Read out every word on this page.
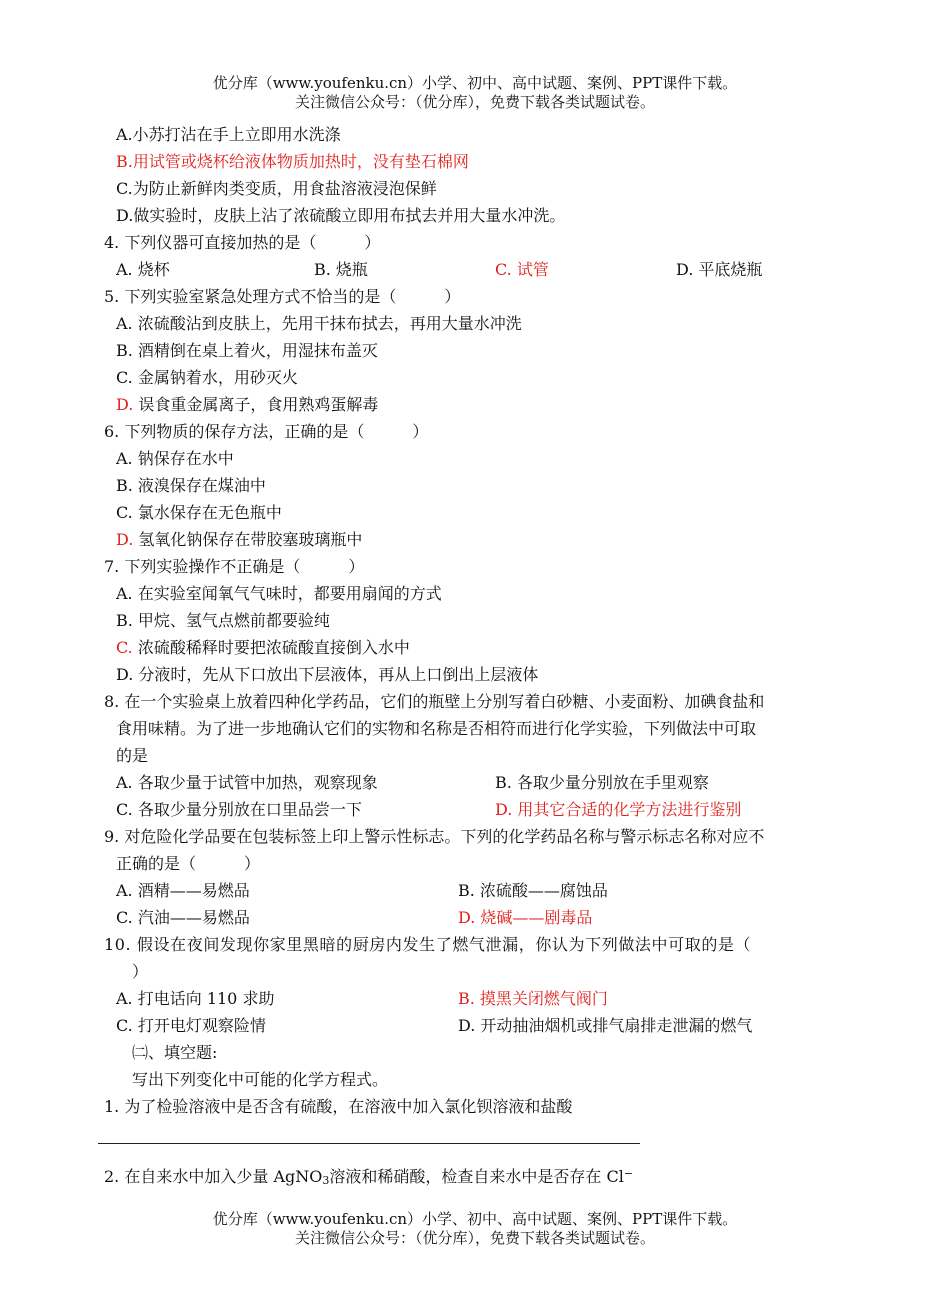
优分库（www.youfenku.cn）小学、初中、高中试题、案例、PPT课件下载。
关注微信公众号：（优分库），免费下载各类试题试卷。
A.小苏打沾在手上立即用水洗涤
B.用试管或烧杯给液体物质加热时，没有垫石棉网
C.为防止新鲜肉类变质，用食盐溶液浸泡保鲜
D.做实验时，皮肤上沾了浓硫酸立即用布拭去并用大量水冲洗。
4. 下列仪器可直接加热的是（　　　）
A. 烧杯	B. 烧瓶	C. 试管	D. 平底烧瓶
5. 下列实验室紧急处理方式不恰当的是（　　　）
A. 浓硫酸沾到皮肤上，先用干抹布拭去，再用大量水冲洗
B. 酒精倒在桌上着火，用湿抹布盖灭
C. 金属钠着水，用砂灭火
D. 误食重金属离子，食用熟鸡蛋解毒
6. 下列物质的保存方法，正确的是（　　　）
A. 钠保存在水中
B. 液溴保存在煤油中
C. 氯水保存在无色瓶中
D. 氢氧化钠保存在带胶塞玻璃瓶中
7. 下列实验操作不正确是（　　　）
A. 在实验室闻氧气气味时，都要用扇闻的方式
B. 甲烷、氢气点燃前都要验纯
C. 浓硫酸稀释时要把浓硫酸直接倒入水中
D. 分液时，先从下口放出下层液体，再从上口倒出上层液体
8. 在一个实验桌上放着四种化学药品，它们的瓶壁上分别写着白砂糖、小麦面粉、加碘食盐和
食用味精。为了进一步地确认它们的实物和名称是否相符而进行化学实验，下列做法中可取
的是
A. 各取少量于试管中加热，观察现象	B. 各取少量分别放在手里观察
C. 各取少量分别放在口里品尝一下	D. 用其它合适的化学方法进行鉴别
9. 对危险化学品要在包装标签上印上警示性标志。下列的化学药品名称与警示标志名称对应不
正确的是（　　　）
A. 酒精——易燃品	B. 浓硫酸——腐蚀品
C. 汽油——易燃品	D. 烧碱——剧毒品
10. 假设在夜间发现你家里黑暗的厨房内发生了燃气泄漏，你认为下列做法中可取的是（
）
A. 打电话向 110 求助	B. 摸黑关闭燃气阀门
C. 打开电灯观察险情	D. 开动抽油烟机或排气扇排走泄漏的燃气
㈡、填空题:
写出下列变化中可能的化学方程式。
1. 为了检验溶液中是否含有硫酸，在溶液中加入氯化钡溶液和盐酸
2. 在自来水中加入少量 AgNO$_3$溶液和稀硝酸，检查自来水中是否存在 Cl−
优分库（www.youfenku.cn）小学、初中、高中试题、案例、PPT课件下载。
关注微信公众号：（优分库），免费下载各类试题试卷。
